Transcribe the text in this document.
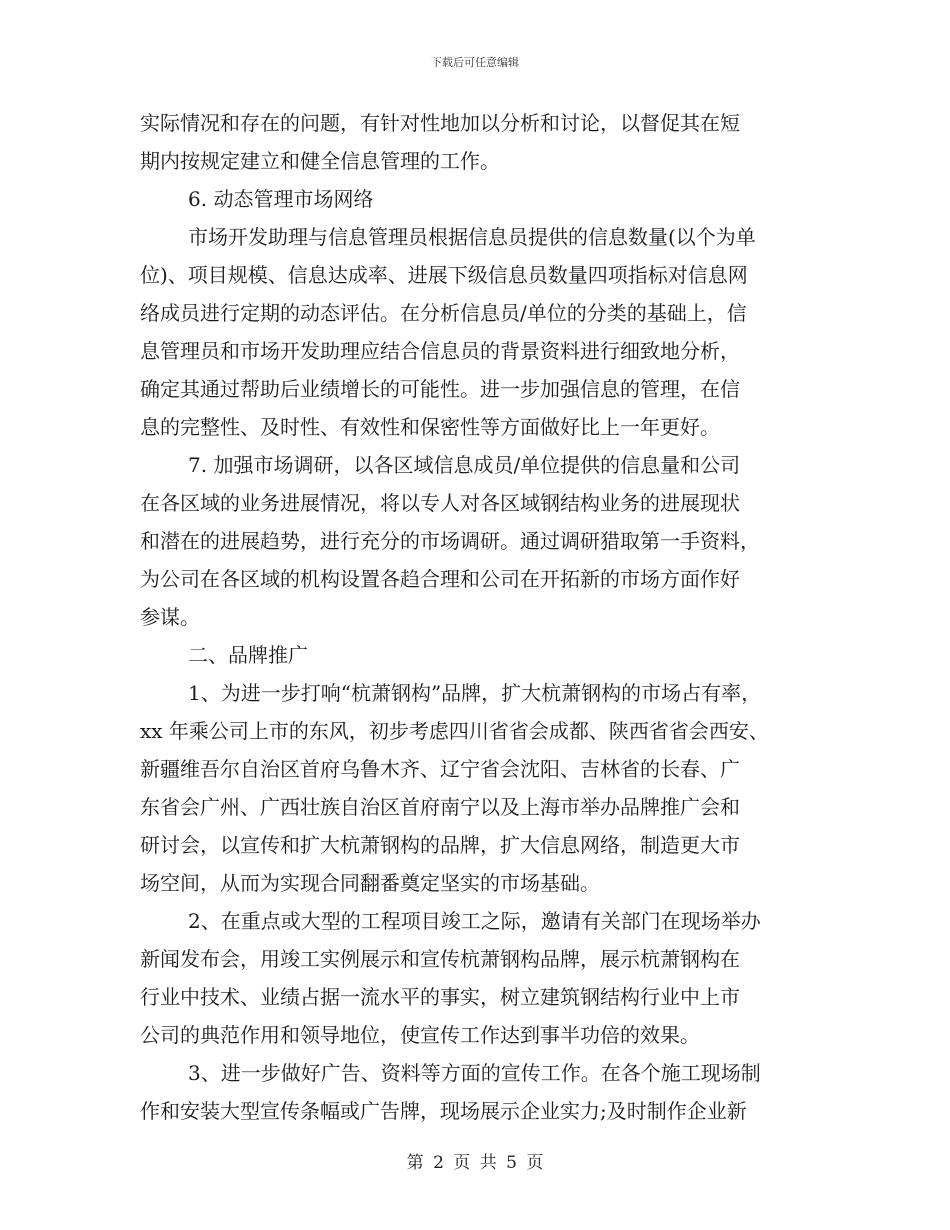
下载后可任意编辑
实际情况和存在的问题，有针对性地加以分析和讨论，以督促其在短
期内按规定建立和健全信息管理的工作。
6. 动态管理市场网络
市场开发助理与信息管理员根据信息员提供的信息数量(以个为单
位)、项目规模、信息达成率、进展下级信息员数量四项指标对信息网
络成员进行定期的动态评估。在分析信息员/单位的分类的基础上，信
息管理员和市场开发助理应结合信息员的背景资料进行细致地分析，
确定其通过帮助后业绩增长的可能性。进一步加强信息的管理，在信
息的完整性、及时性、有效性和保密性等方面做好比上一年更好。
7. 加强市场调研，以各区域信息成员/单位提供的信息量和公司
在各区域的业务进展情况，将以专人对各区域钢结构业务的进展现状
和潜在的进展趋势，进行充分的市场调研。通过调研猎取第一手资料，
为公司在各区域的机构设置各趋合理和公司在开拓新的市场方面作好
参谋。
二、品牌推广
1、为进一步打响“杭萧钢构”品牌，扩大杭萧钢构的市场占有率，
xx 年乘公司上市的东风，初步考虑四川省省会成都、陕西省省会西安、
新疆维吾尔自治区首府乌鲁木齐、辽宁省会沈阳、吉林省的长春、广
东省会广州、广西壮族自治区首府南宁以及上海市举办品牌推广会和
研讨会，以宣传和扩大杭萧钢构的品牌，扩大信息网络，制造更大市
场空间，从而为实现合同翻番奠定坚实的市场基础。
2、在重点或大型的工程项目竣工之际，邀请有关部门在现场举办
新闻发布会，用竣工实例展示和宣传杭萧钢构品牌，展示杭萧钢构在
行业中技术、业绩占据一流水平的事实，树立建筑钢结构行业中上市
公司的典范作用和领导地位，使宣传工作达到事半功倍的效果。
3、进一步做好广告、资料等方面的宣传工作。在各个施工现场制
作和安装大型宣传条幅或广告牌，现场展示企业实力;及时制作企业新
第 2 页 共 5 页
